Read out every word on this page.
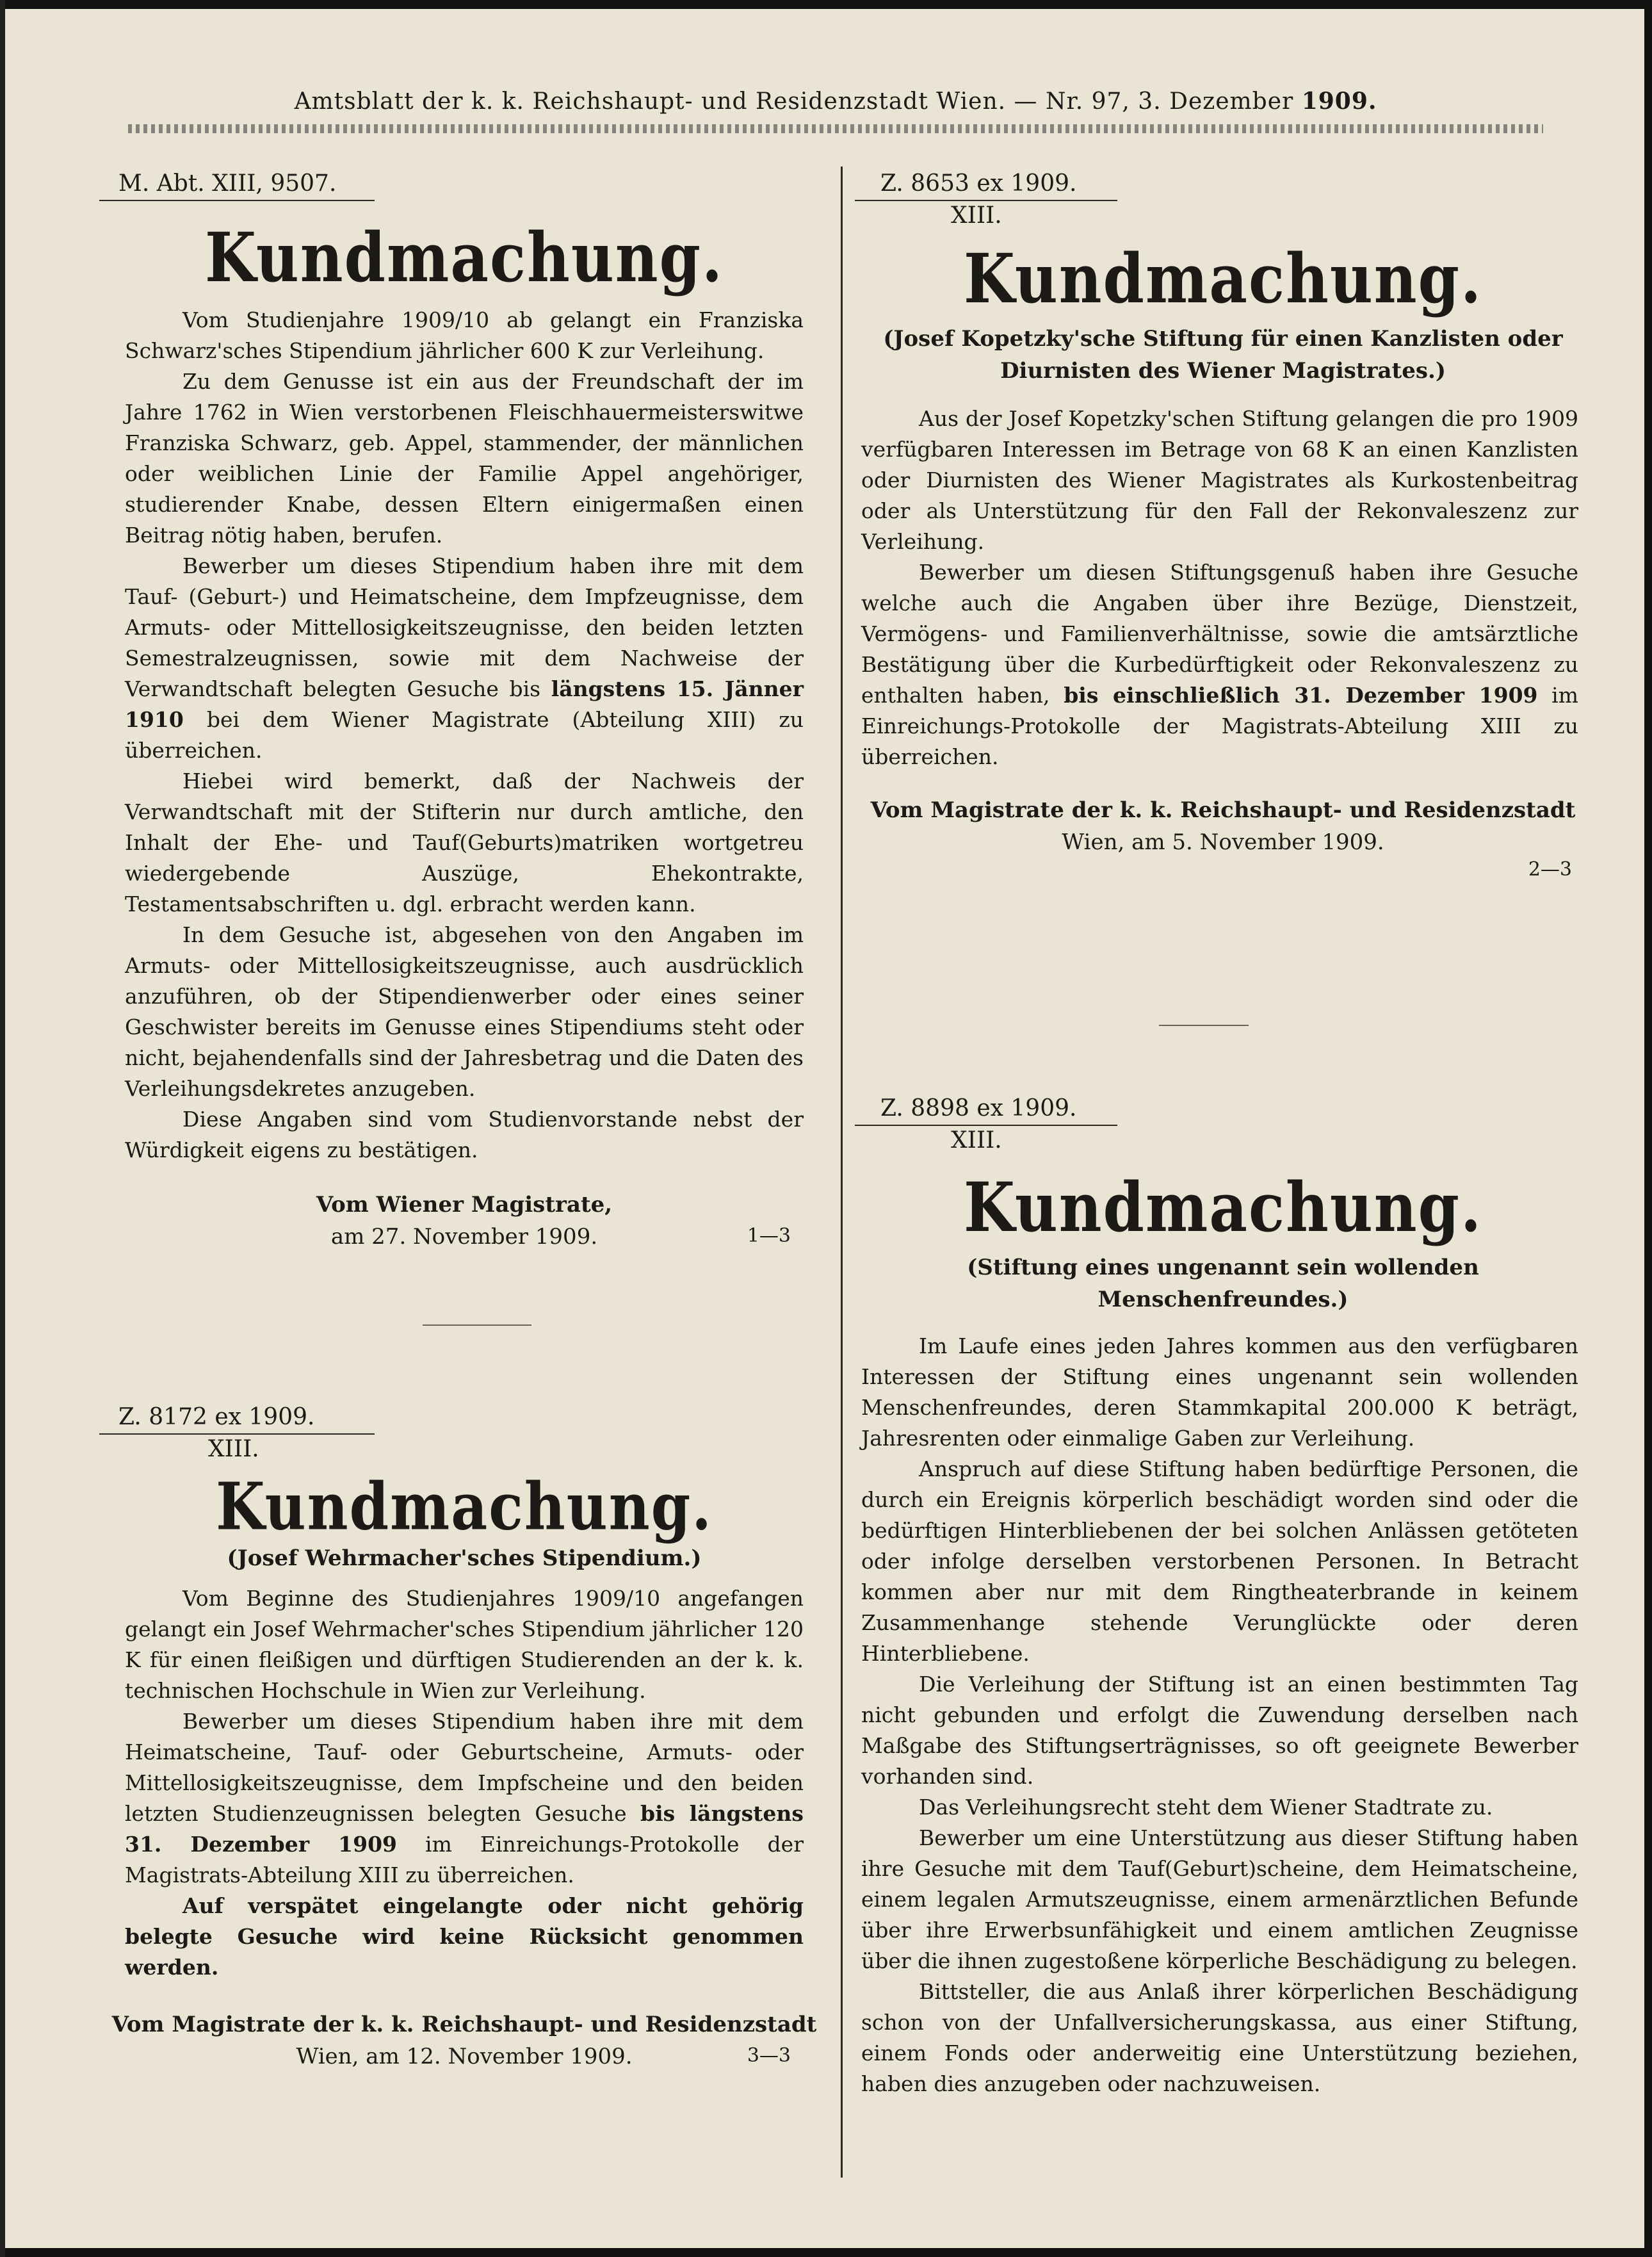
Amtsblatt der k. k. Reichshaupt- und Residenzstadt Wien. — Nr. 97, 3. Dezember 1909.
M. Abt. XIII, 9507.
Kundmachung.

Vom Studienjahre 1909/10 ab gelangt ein Franziska Schwarz'sches Stipendium jährlicher 600 K zur Verleihung.

Zu dem Genusse ist ein aus der Freundschaft der im Jahre 1762 in Wien verstorbenen Fleischhauermeisterswitwe Franziska Schwarz, geb. Appel, stammender, der männlichen oder weiblichen Linie der Familie Appel angehöriger, studierender Knabe, dessen Eltern einigermaßen einen Beitrag nötig haben, berufen.

Bewerber um dieses Stipendium haben ihre mit dem Tauf- (Geburt-) und Heimatscheine, dem Impfzeugnisse, dem Armuts- oder Mittellosigkeitszeugnisse, den beiden letzten Semestralzeugnissen, sowie mit dem Nachweise der Verwandtschaft belegten Gesuche bis längstens 15. Jänner 1910 bei dem Wiener Magistrate (Abteilung XIII) zu überreichen.

Hiebei wird bemerkt, daß der Nachweis der Verwandtschaft mit der Stifterin nur durch amtliche, den Inhalt der Ehe- und Tauf(Geburts)matriken wortgetreu wiedergebende Auszüge, Ehekontrakte, Testamentsabschriften u. dgl. erbracht werden kann.

In dem Gesuche ist, abgesehen von den Angaben im Armuts- oder Mittellosigkeitszeugnisse, auch ausdrücklich anzuführen, ob der Stipendienwerber oder eines seiner Geschwister bereits im Genusse eines Stipendiums steht oder nicht, bejahendenfalls sind der Jahresbetrag und die Daten des Verleihungsdekretes anzugeben.

Diese Angaben sind vom Studienvorstande nebst der Würdigkeit eigens zu bestätigen.

Vom Wiener Magistrate,
am 27. November 1909.	1—3
Z. 8172 ex 1909.
XIII.
Kundmachung.
(Josef Wehrmacher'sches Stipendium.)

Vom Beginne des Studienjahres 1909/10 angefangen gelangt ein Josef Wehrmacher'sches Stipendium jährlicher 120 K für einen fleißigen und dürftigen Studierenden an der k. k. technischen Hochschule in Wien zur Verleihung.

Bewerber um dieses Stipendium haben ihre mit dem Heimatscheine, Tauf- oder Geburtscheine, Armuts- oder Mittellosigkeitszeugnisse, dem Impfscheine und den beiden letzten Studienzeugnissen belegten Gesuche bis längstens 31. Dezember 1909 im Einreichungs-Protokolle der Magistrats-Abteilung XIII zu überreichen.

Auf verspätet eingelangte oder nicht gehörig belegte Gesuche wird keine Rücksicht genommen werden.

Vom Magistrate der k. k. Reichshaupt- und Residenzstadt
Wien, am 12. November 1909.	3—3
Z. 8653 ex 1909.
XIII.
Kundmachung.
(Josef Kopetzky'sche Stiftung für einen Kanzlisten oder Diurnisten des Wiener Magistrates.)

Aus der Josef Kopetzky'schen Stiftung gelangen die pro 1909 verfügbaren Interessen im Betrage von 68 K an einen Kanzlisten oder Diurnisten des Wiener Magistrates als Kurkostenbeitrag oder als Unterstützung für den Fall der Rekonvaleszenz zur Verleihung.

Bewerber um diesen Stiftungsgenuß haben ihre Gesuche welche auch die Angaben über ihre Bezüge, Dienstzeit, Vermögens- und Familienverhältnisse, sowie die amtsärztliche Bestätigung über die Kurbedürftigkeit oder Rekonvaleszenz zu enthalten haben, bis einschließlich 31. Dezember 1909 im Einreichungs-Protokolle der Magistrats-Abteilung XIII zu überreichen.

Vom Magistrate der k. k. Reichshaupt- und Residenzstadt
Wien, am 5. November 1909.
2—3
Z. 8898 ex 1909.
XIII.
Kundmachung.
(Stiftung eines ungenannt sein wollenden Menschenfreundes.)

Im Laufe eines jeden Jahres kommen aus den verfügbaren Interessen der Stiftung eines ungenannt sein wollenden Menschenfreundes, deren Stammkapital 200.000 K beträgt, Jahresrenten oder einmalige Gaben zur Verleihung.

Anspruch auf diese Stiftung haben bedürftige Personen, die durch ein Ereignis körperlich beschädigt worden sind oder die bedürftigen Hinterbliebenen der bei solchen Anlässen getöteten oder infolge derselben verstorbenen Personen. In Betracht kommen aber nur mit dem Ringtheaterbrande in keinem Zusammenhange stehende Verunglückte oder deren Hinterbliebene.

Die Verleihung der Stiftung ist an einen bestimmten Tag nicht gebunden und erfolgt die Zuwendung derselben nach Maßgabe des Stiftungserträgnisses, so oft geeignete Bewerber vorhanden sind.

Das Verleihungsrecht steht dem Wiener Stadtrate zu.

Bewerber um eine Unterstützung aus dieser Stiftung haben ihre Gesuche mit dem Tauf(Geburt)scheine, dem Heimatscheine, einem legalen Armutszeugnisse, einem armenärztlichen Befunde über ihre Erwerbsunfähigkeit und einem amtlichen Zeugnisse über die ihnen zugestoßene körperliche Beschädigung zu belegen.

Bittsteller, die aus Anlaß ihrer körperlichen Beschädigung schon von der Unfallversicherungskassa, aus einer Stiftung, einem Fonds oder anderweitig eine Unterstützung beziehen, haben dies anzugeben oder nachzuweisen.
